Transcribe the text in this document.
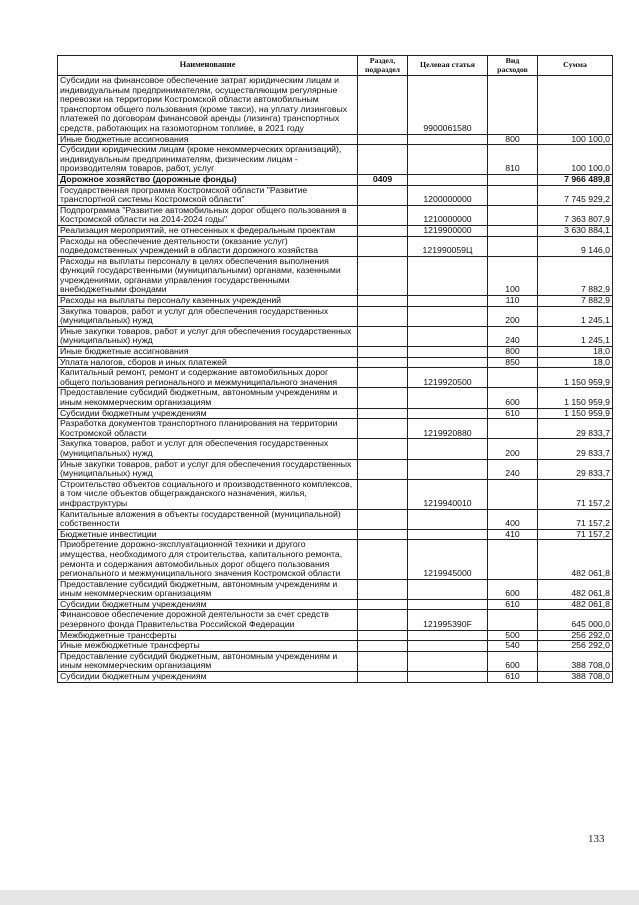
Наименование	Раздел, подраздел	Целевая статья	Вид расходов	Сумма
Субсидии на финансовое обеспечение затрат юридическим лицам и индивидуальным предпринимателям, осуществляющим регулярные перевозки на территории Костромской области автомобильным транспортом общего пользования (кроме такси), на уплату лизинговых платежей по договорам финансовой аренды (лизинга) транспортных средств, работающих на газомоторном топливе, в 2021 году		9900061580		
Иные бюджетные ассигнования			800	100 100,0
Субсидии юридическим лицам (кроме некоммерческих организаций), индивидуальным предпринимателям, физическим лицам - производителям товаров, работ, услуг			810	100 100,0
Дорожное хозяйство (дорожные фонды)	0409			7 966 489,8
Государственная программа Костромской области "Развитие транспортной системы Костромской области"		1200000000		7 745 929,2
Подпрограмма "Развитие автомобильных дорог общего пользования в Костромской области на 2014-2024 годы"		1210000000		7 363 807,9
Реализация мероприятий, не отнесенных к федеральным проектам		1219900000		3 630 884,1
Расходы на обеспечение деятельности (оказание услуг) подведомственных учреждений в области дорожного хозяйства		121990059Ц		9 146,0
Расходы на выплаты персоналу в целях обеспечения выполнения функций государственными (муниципальными) органами, казенными учреждениями, органами управления государственными внебюджетными фондами			100	7 882,9
Расходы на выплаты персоналу казенных учреждений			110	7 882,9
Закупка товаров, работ и услуг для обеспечения государственных (муниципальных) нужд			200	1 245,1
Иные закупки товаров, работ и услуг для обеспечения государственных (муниципальных) нужд			240	1 245,1
Иные бюджетные ассигнования			800	18,0
Уплата налогов, сборов и иных платежей			850	18,0
Капитальный ремонт, ремонт и содержание автомобильных дорог общего пользования регионального и межмуниципального значения		1219920500		1 150 959,9
Предоставление субсидий бюджетным, автономным учреждениям и иным некоммерческим организациям			600	1 150 959,9
Субсидии бюджетным учреждениям			610	1 150 959,9
Разработка документов транспортного планирования на территории Костромской области		1219920880		29 833,7
Закупка товаров, работ и услуг для обеспечения государственных (муниципальных) нужд			200	29 833,7
Иные закупки товаров, работ и услуг для обеспечения государственных (муниципальных) нужд			240	29 833,7
Строительство объектов социального и производственного комплексов, в том числе объектов общегражданского назначения, жилья, инфраструктуры		1219940010		71 157,2
Капитальные вложения в объекты государственной (муниципальной) собственности			400	71 157,2
Бюджетные инвестиции			410	71 157,2
Приобретение дорожно-эксплуатационной техники и другого имущества, необходимого для строительства, капитального ремонта, ремонта и содержания автомобильных дорог общего пользования регионального и межмуниципального значения Костромской области		1219945000		482 061,8
Предоставление субсидий бюджетным, автономным учреждениям и иным некоммерческим организациям			600	482 061,8
Субсидии бюджетным учреждениям			610	482 061,8
Финансовое обеспечение дорожной деятельности за счет средств резервного фонда Правительства Российской Федерации		121995390F		645 000,0
Межбюджетные трансферты			500	256 292,0
Иные межбюджетные трансферты			540	256 292,0
Предоставление субсидий бюджетным, автономным учреждениям и иным некоммерческим организациям			600	388 708,0
Субсидии бюджетным учреждениям			610	388 708,0
133
